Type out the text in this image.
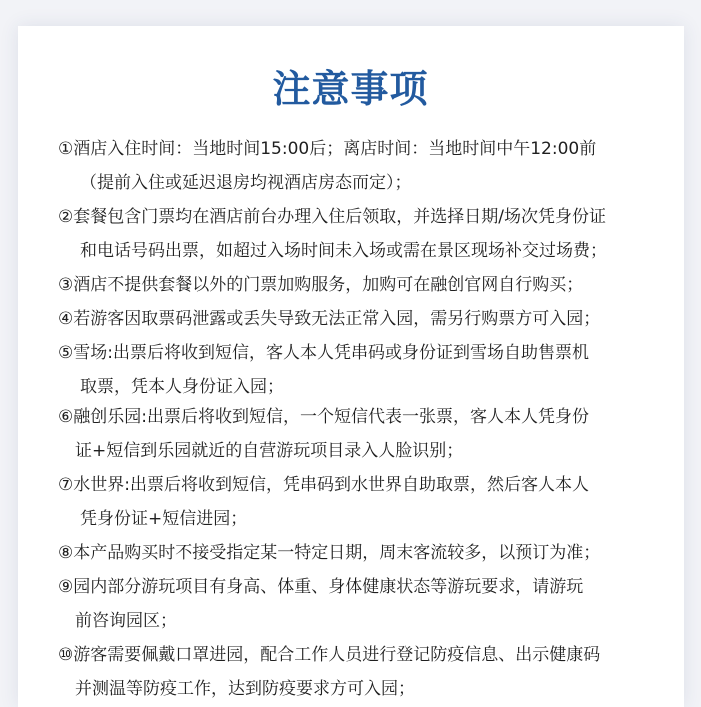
注意事项
①酒店入住时间：当地时间15:00后；离店时间：当地时间中午12:00前
（提前入住或延迟退房均视酒店房态而定）；
②套餐包含门票均在酒店前台办理入住后领取，并选择日期/场次凭身份证
和电话号码出票，如超过入场时间未入场或需在景区现场补交过场费；
③酒店不提供套餐以外的门票加购服务，加购可在融创官网自行购买；
④若游客因取票码泄露或丢失导致无法正常入园，需另行购票方可入园；
⑤雪场:出票后将收到短信，客人本人凭串码或身份证到雪场自助售票机
取票，凭本人身份证入园；
⑥融创乐园:出票后将收到短信，一个短信代表一张票，客人本人凭身份
证+短信到乐园就近的自营游玩项目录入人脸识别；
⑦水世界:出票后将收到短信，凭串码到水世界自助取票，然后客人本人
凭身份证+短信进园；
⑧本产品购买时不接受指定某一特定日期，周末客流较多，以预订为准；
⑨园内部分游玩项目有身高、体重、身体健康状态等游玩要求，请游玩
前咨询园区；
⑩游客需要佩戴口罩进园，配合工作人员进行登记防疫信息、出示健康码
并测温等防疫工作，达到防疫要求方可入园；
